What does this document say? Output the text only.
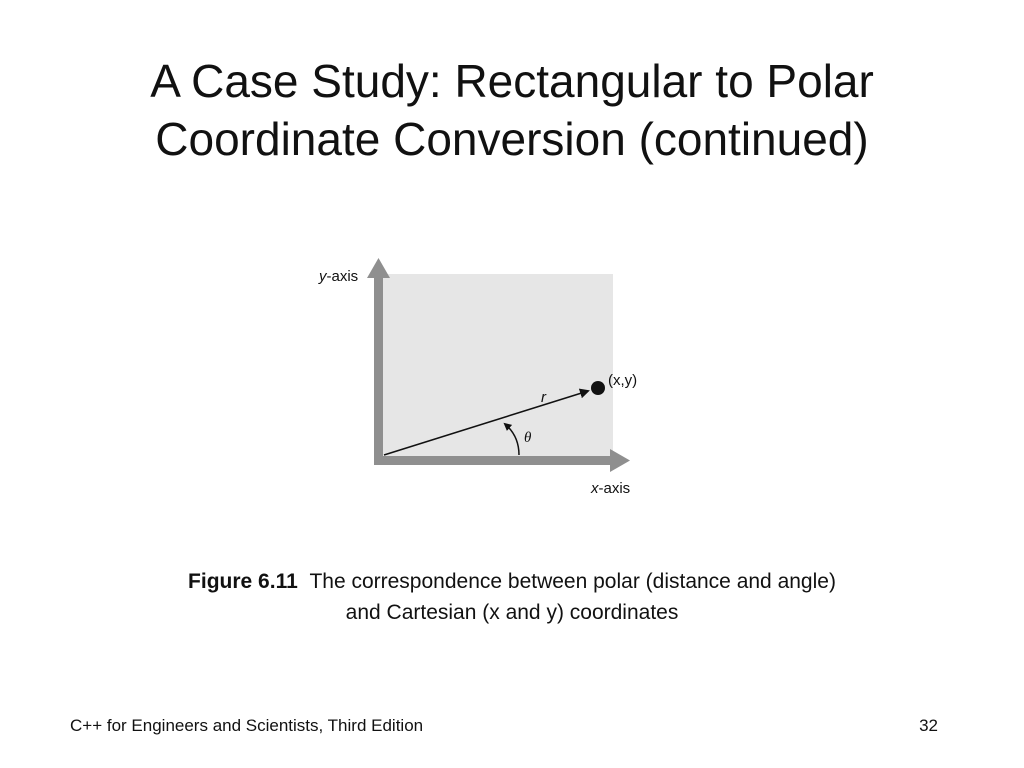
A Case Study: Rectangular to Polar
Coordinate Conversion (continued)
y-axis
x-axis
r
θ
(x,y)
Figure 6.11 The correspondence between polar (distance and angle)
and Cartesian (x and y) coordinates
C++ for Engineers and Scientists, Third Edition	32
